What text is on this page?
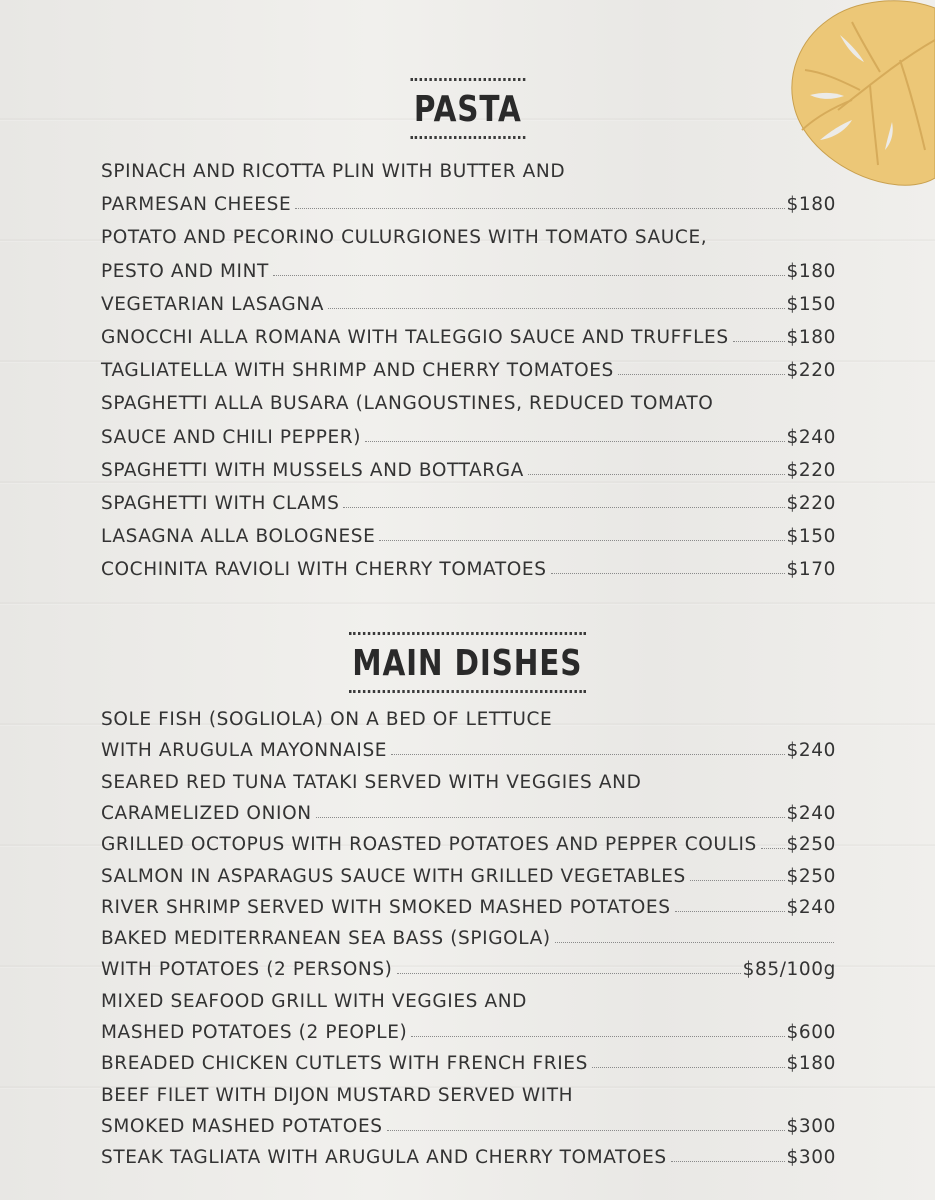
PASTA
SPINACH AND RICOTTA PLIN WITH BUTTER AND
PARMESAN CHEESE	$180
POTATO AND PECORINO CULURGIONES WITH TOMATO SAUCE,
PESTO AND MINT	$180
VEGETARIAN LASAGNA	$150
GNOCCHI ALLA ROMANA WITH TALEGGIO SAUCE AND TRUFFLES	$180
TAGLIATELLA WITH SHRIMP AND CHERRY TOMATOES	$220
SPAGHETTI ALLA BUSARA (LANGOUSTINES, REDUCED TOMATO
SAUCE AND CHILI PEPPER)	$240
SPAGHETTI WITH MUSSELS AND BOTTARGA	$220
SPAGHETTI WITH CLAMS	$220
LASAGNA ALLA BOLOGNESE	$150
COCHINITA RAVIOLI WITH CHERRY TOMATOES	$170
MAIN DISHES
SOLE FISH (SOGLIOLA) ON A BED OF LETTUCE
WITH ARUGULA MAYONNAISE	$240
SEARED RED TUNA TATAKI SERVED WITH VEGGIES AND
CARAMELIZED ONION	$240
GRILLED OCTOPUS WITH ROASTED POTATOES AND PEPPER COULIS $250
SALMON IN ASPARAGUS SAUCE WITH GRILLED VEGETABLES	$250
RIVER SHRIMP SERVED WITH SMOKED MASHED POTATOES	$240
BAKED MEDITERRANEAN SEA BASS (SPIGOLA)
WITH POTATOES (2 PERSONS)	$85/100g
MIXED SEAFOOD GRILL WITH VEGGIES AND
MASHED POTATOES (2 PEOPLE)	$600
BREADED CHICKEN CUTLETS WITH FRENCH FRIES	$180
BEEF FILET WITH DIJON MUSTARD SERVED WITH
SMOKED MASHED POTATOES	$300
STEAK TAGLIATA WITH ARUGULA AND CHERRY TOMATOES	$300
